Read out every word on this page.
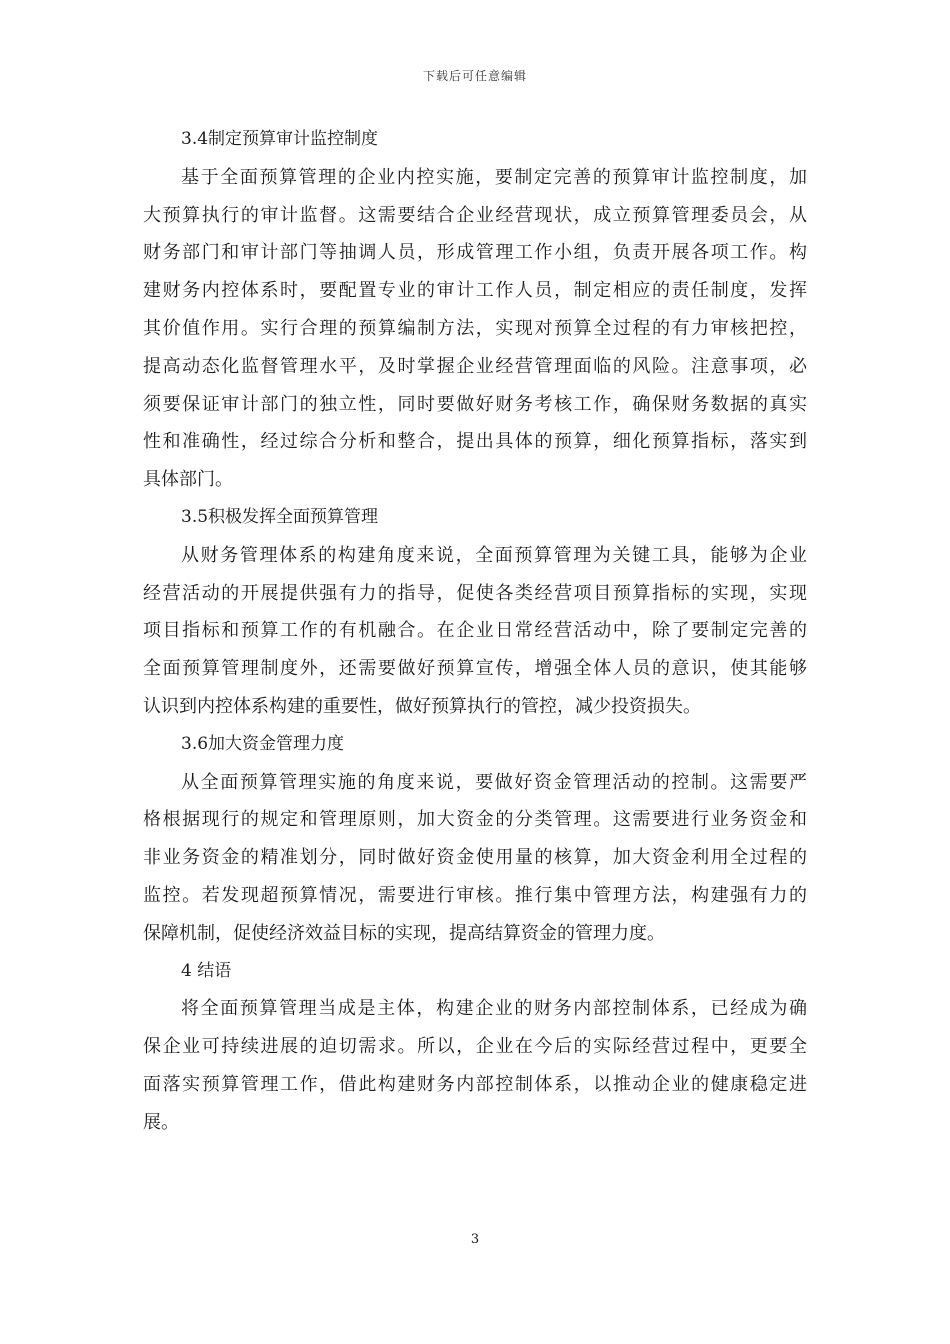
下载后可任意编辑
3.4制定预算审计监控制度
基于全面预算管理的企业内控实施，要制定完善的预算审计监控制度，加
大预算执行的审计监督。这需要结合企业经营现状，成立预算管理委员会，从
财务部门和审计部门等抽调人员，形成管理工作小组，负责开展各项工作。构
建财务内控体系时，要配置专业的审计工作人员，制定相应的责任制度，发挥
其价值作用。实行合理的预算编制方法，实现对预算全过程的有力审核把控，
提高动态化监督管理水平，及时掌握企业经营管理面临的风险。注意事项，必
须要保证审计部门的独立性，同时要做好财务考核工作，确保财务数据的真实
性和准确性，经过综合分析和整合，提出具体的预算，细化预算指标，落实到
具体部门。
3.5积极发挥全面预算管理
从财务管理体系的构建角度来说，全面预算管理为关键工具，能够为企业
经营活动的开展提供强有力的指导，促使各类经营项目预算指标的实现，实现
项目指标和预算工作的有机融合。在企业日常经营活动中，除了要制定完善的
全面预算管理制度外，还需要做好预算宣传，增强全体人员的意识，使其能够
认识到内控体系构建的重要性，做好预算执行的管控，减少投资损失。
3.6加大资金管理力度
从全面预算管理实施的角度来说，要做好资金管理活动的控制。这需要严
格根据现行的规定和管理原则，加大资金的分类管理。这需要进行业务资金和
非业务资金的精准划分，同时做好资金使用量的核算，加大资金利用全过程的
监控。若发现超预算情况，需要进行审核。推行集中管理方法，构建强有力的
保障机制，促使经济效益目标的实现，提高结算资金的管理力度。
4 结语
将全面预算管理当成是主体，构建企业的财务内部控制体系，已经成为确
保企业可持续进展的迫切需求。所以，企业在今后的实际经营过程中，更要全
面落实预算管理工作，借此构建财务内部控制体系，以推动企业的健康稳定进
展。
3
